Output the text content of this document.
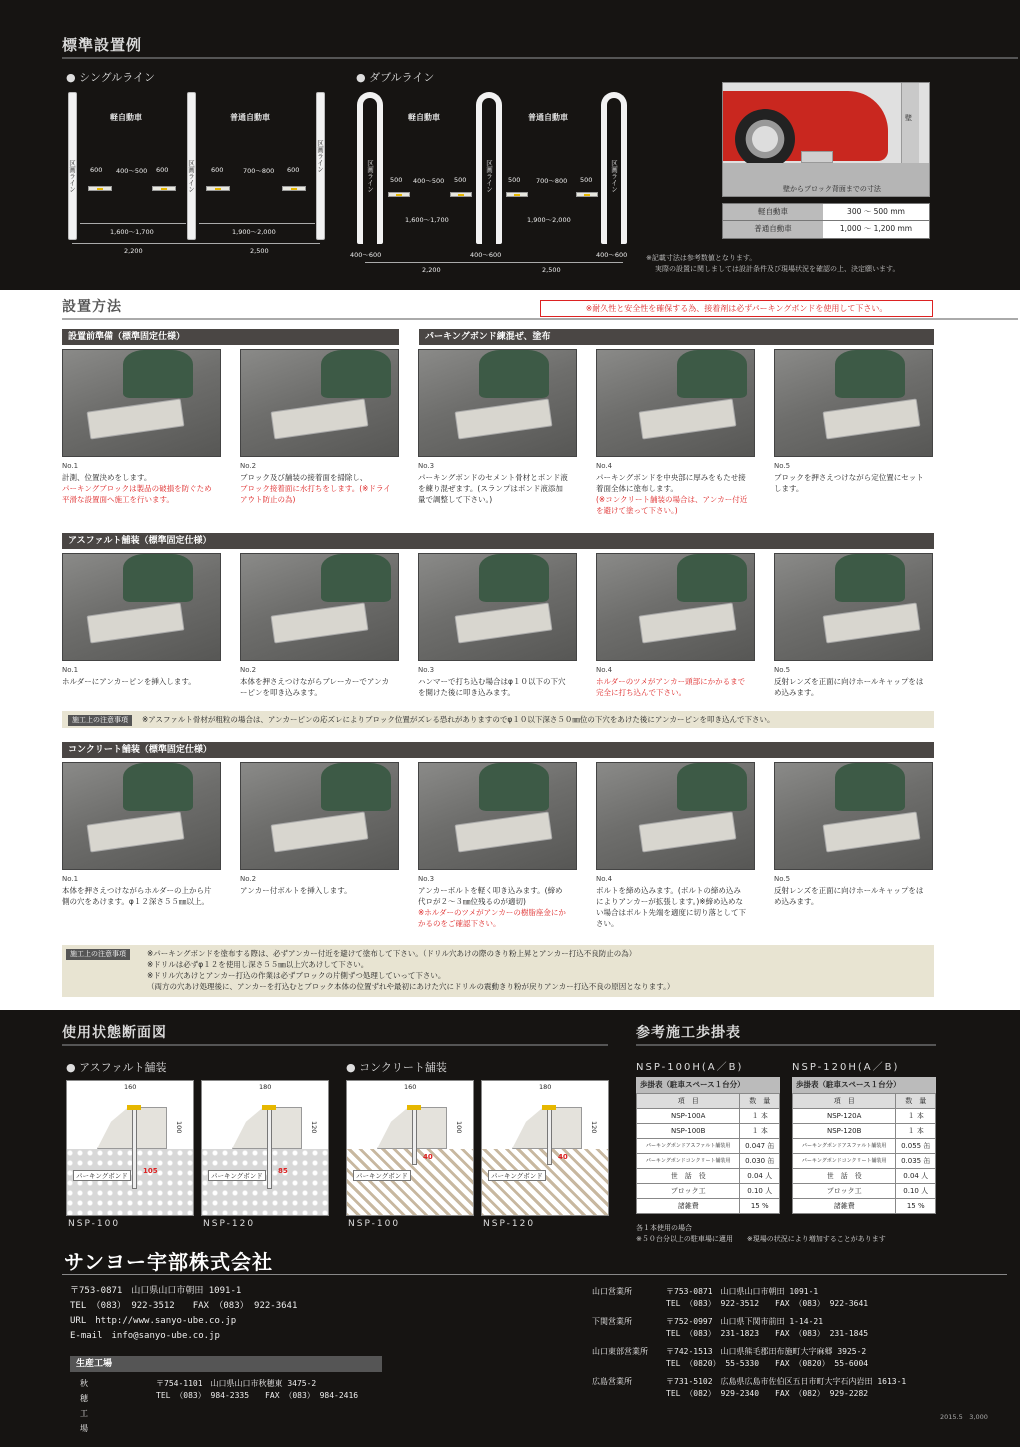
標準設置例
● シングルライン	● ダブルライン
区画ライン	区画ライン
区画ライン
軽自動車	普通自動車
600 400〜500 600	600	700〜800 600
1,600〜1,700	1,900〜2,000
2,200	2,500
区画ライン	区画ライン	区画ライン
軽自動車	普通自動車
500 400〜500 500	500 700〜800 500
1,600〜1,700	1,900〜2,000
400〜600	400〜600	400〜600
2,200	2,500
壁
壁からブロック背面までの寸法
軽自動車	300 〜 500 mm
普通自動車	1,000 〜 1,200 mm
※記載寸法は参考数値となります。
実際の設置に関しましては設計条件及び現場状況を確認の上、決定願います。
設置方法	※耐久性と安全性を確保する為、接着剤は必ずパーキングボンドを使用して下さい。
設置前準備（標準固定仕様）	パーキングボンド練混ぜ、塗布
No.1
計測、位置決めをします。
パーキングブロックは製品の破損を防ぐため平滑な設置面へ施工を行います。
No.2
ブロック及び舗装の接着面を掃除し、
ブロック接着面に水打ちをします。(※ドライアウト防止の為)
No.3
パーキングボンドのセメント骨材とボンド液を練り混ぜます。(スランプはボンド液添加量で調整して下さい。)
No.4
パーキングボンドを中央部に厚みをもたせ接着面全体に塗布します。
(※コンクリート舗装の場合は、アンカー付近を避けて塗って下さい。)
No.5
ブロックを押さえつけながら定位置にセットします。
アスファルト舗装（標準固定仕様）
No.1
ホルダーにアンカーピンを挿入します。
No.2
本体を押さえつけながらブレーカーでアンカーピンを叩き込みます。
No.3
ハンマーで打ち込む場合はφ１０以下の下穴を開けた後に叩き込みます。
No.4
ホルダーのツメがアンカー頭部にかかるまで完全に打ち込んで下さい。
No.5
反射レンズを正面に向けホールキャップをはめ込みます。
施工上の注意事項 ※アスファルト骨材が粗粒の場合は、アンカーピンの応ズレによりブロック位置がズレる恐れがありますのでφ１０以下深さ５０㎜位の下穴をあけた後にアンカーピンを叩き込んで下さい。
コンクリート舗装（標準固定仕様）
No.1
本体を押さえつけながらホルダーの上から片側の穴をあけます。φ１２深さ５５㎜以上。
No.2
アンカー付ボルトを挿入します。
No.3
アンカーボルトを軽く叩き込みます。(締め代ロが２〜３㎜位残るのが適切)
※ホルダーのツメがアンカーの樹脂座金にかかるのをご確認下さい。
No.4
ボルトを締め込みます。(ボルトの締め込みによりアンカーが拡張します。)※締め込めない場合はボルト先端を適度に切り落として下さい。
No.5
反射レンズを正面に向けホールキャップをはめ込みます。
施工上の注意事項	※パーキングボンドを塗布する際は、必ずアンカー付近を避けて塗布して下さい。（ドリル穴あけの際のきり粉上昇とアンカー打込不良防止の為）
※ドリルは必ずφ１２を使用し深さ５５㎜以上穴あけして下さい。
※ドリル穴あけとアンカー打込の作業は必ずブロックの片側ずつ処理していって下さい。
（両方の穴あけ処理後に、アンカーを打込むとブロック本体の位置ずれや最初にあけた穴にドリルの震動きり粉が戻りアンカー打込不良の原因となります。）
使用状態断面図	参考施工歩掛表
● アスファルト舗装	● コンクリート舗装
パーキングボンド
160
100
105
NSP-100
パーキングボンド
180
120
85
NSP-120
パーキングボンド
160
100
40
NSP-100
パーキングボンド
180
120
40
NSP-120
NSP-100H(A／B)
歩掛表（駐車スペース１台分）
項　目	数　量
NSP-100A	１ 本
NSP-100B	１ 本
パーキングボンドアスファルト舗装用	0.047 缶
パーキングボンドコンクリート舗装用	0.030 缶
世　話　役	0.04 人
ブロック工	0.10 人
諸雑費	15 %
NSP-120H(A／B)
歩掛表（駐車スペース１台分）
項　目	数　量
NSP-120A	１ 本
NSP-120B	１ 本
パーキングボンドアスファルト舗装用	0.055 缶
パーキングボンドコンクリート舗装用	0.035 缶
世　話　役	0.04 人
ブロック工	0.10 人
諸雑費	15 %
各１本使用の場合
※５０台分以上の駐車場に適用　　 ※現場の状況により増加することがあります
サンヨー宇部株式会社
〒753-0871　山口県山口市朝田 1091-1
TEL （083） 922-3512　　FAX （083） 922-3641
URL　http://www.sanyo-ube.co.jp
E-mail　info@sanyo-ube.co.jp
生産工場
秋穂工場
〒754-1101　山口県山口市秋穂東 3475-2
TEL （083） 984-2335　　FAX （083） 984-2416
山口営業所	〒753-0871　山口県山口市朝田 1091-1
TEL （083） 922-3512　　FAX （083） 922-3641
下関営業所	〒752-0997　山口県下関市前田 1-14-21
TEL （083） 231-1823　　FAX （083） 231-1845
山口東部営業所 〒742-1513　山口県熊毛郡田布施町大字麻郷 3925-2
TEL （0820） 55-5330　　FAX （0820） 55-6004
広島営業所	〒731-5102　広島県広島市佐伯区五日市町大字石内岩田 1613-1
TEL （082） 929-2340　　FAX （082） 929-2282
2015.5　3,000
